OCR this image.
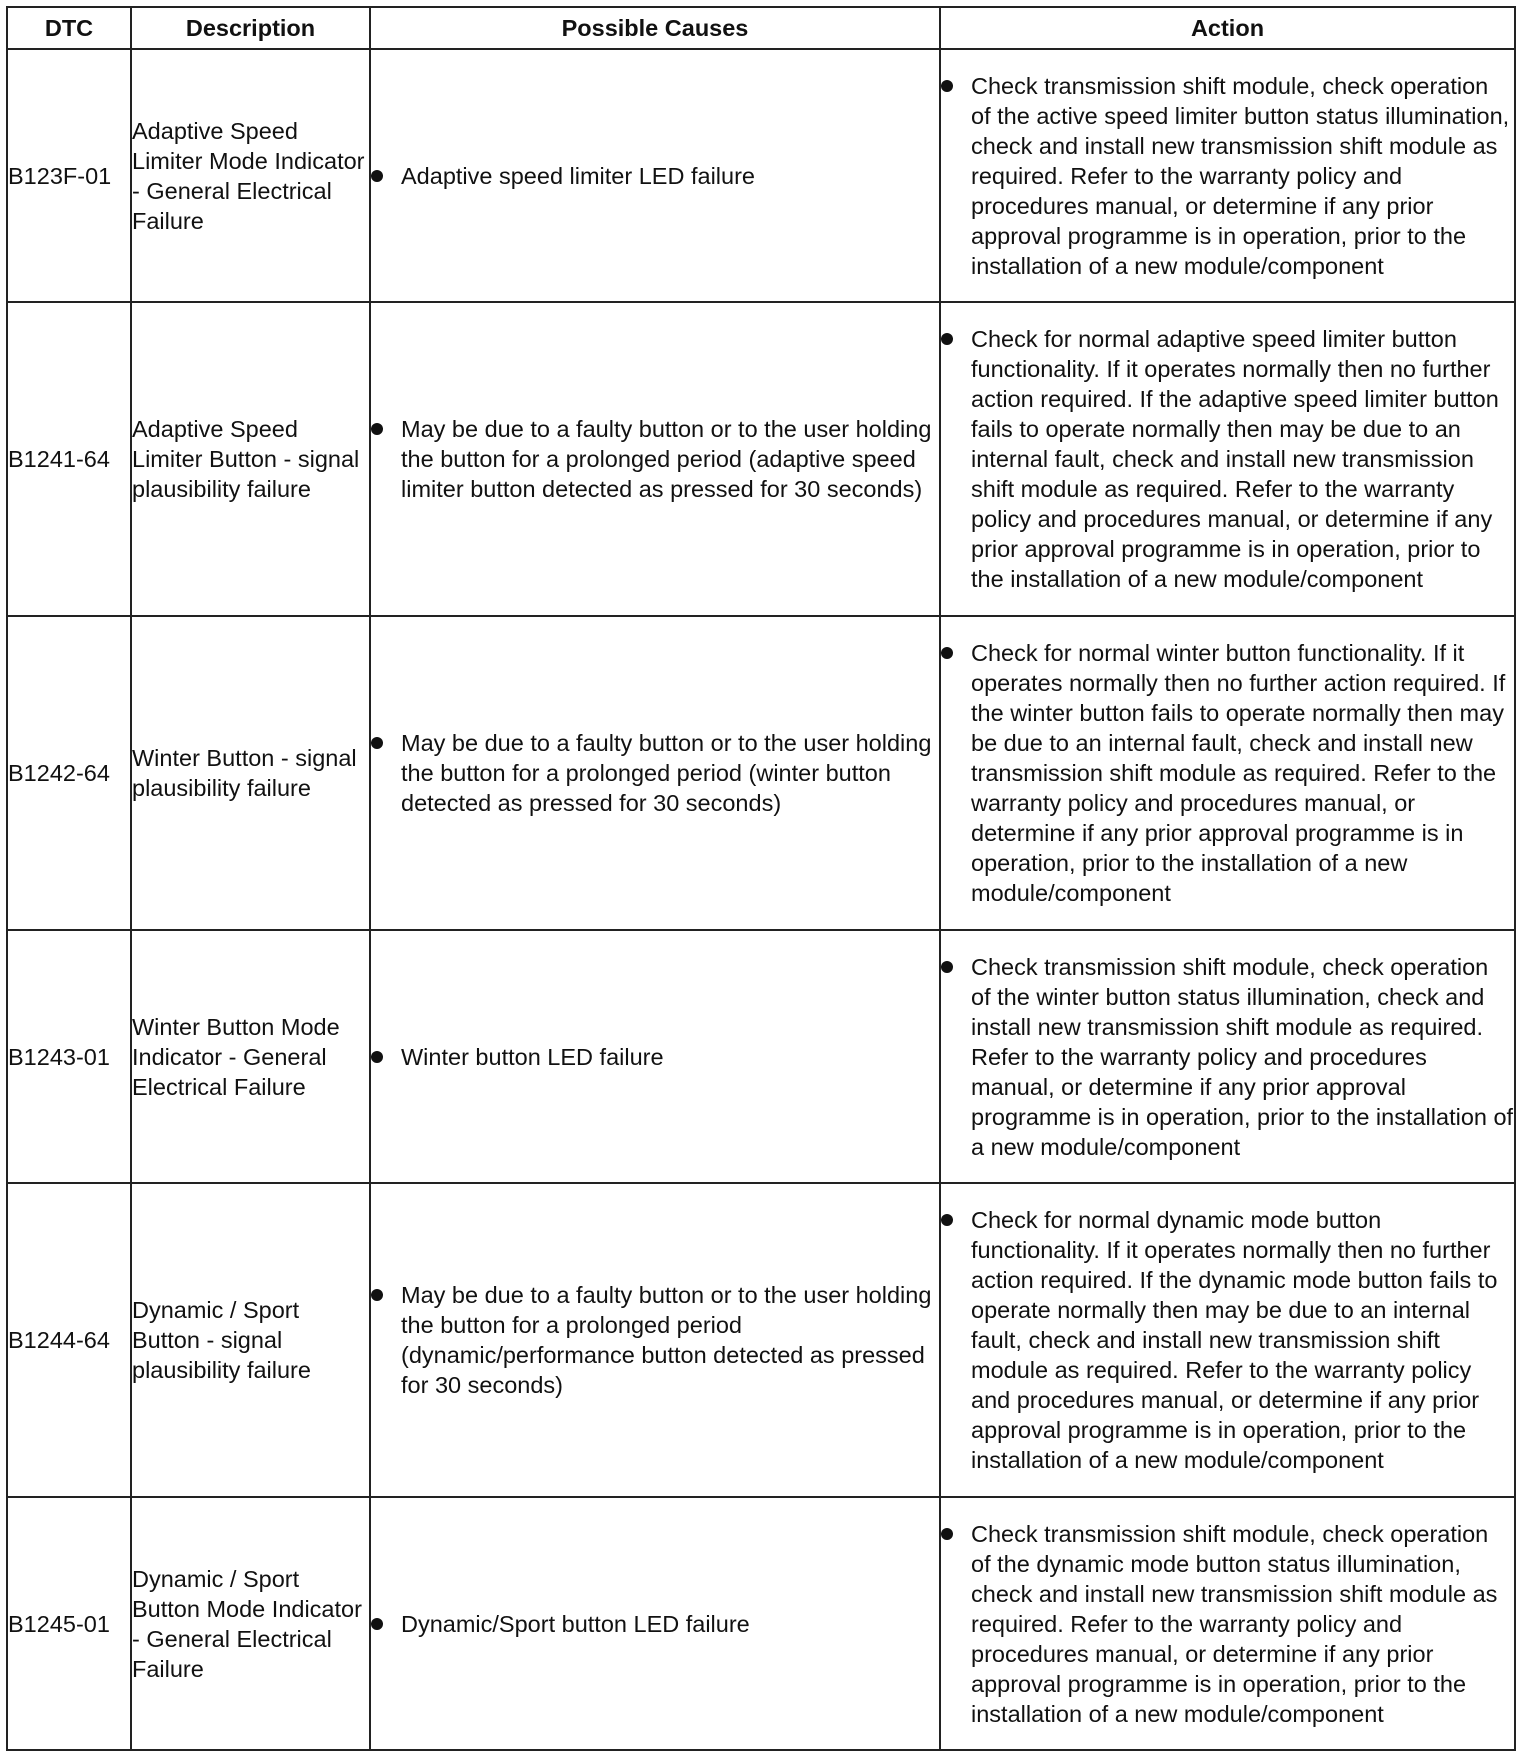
DTC	Description	Possible Causes	Action
B123F-01	Adaptive Speed Limiter Mode Indicator - General Electrical Failure	Adaptive speed limiter LED failure	Check transmission shift module, check operation of the active speed limiter button status illumination, check and install new transmission shift module as required. Refer to the warranty policy and procedures manual, or determine if any prior approval programme is in operation, prior to the installation of a new module/component

B1241-64	Adaptive Speed Limiter Button - signal plausibility failure	May be due to a faulty button or to the user holding the button for a prolonged period (adaptive speed limiter button detected as pressed for 30 seconds)	Check for normal adaptive speed limiter button functionality. If it operates normally then no further action required. If the adaptive speed limiter button fails to operate normally then may be due to an internal fault, check and install new transmission shift module as required. Refer to the warranty policy and procedures manual, or determine if any prior approval programme is in operation, prior to the installation of a new module/component

B1242-64	Winter Button - signal plausibility failure	May be due to a faulty button or to the user holding the button for a prolonged period (winter button detected as pressed for 30 seconds)	Check for normal winter button functionality. If it operates normally then no further action required. If the winter button fails to operate normally then may be due to an internal fault, check and install new transmission shift module as required. Refer to the warranty policy and procedures manual, or determine if any prior approval programme is in operation, prior to the installation of a new module/component

B1243-01	Winter Button Mode Indicator - General Electrical Failure	Winter button LED failure	Check transmission shift module, check operation of the winter button status illumination, check and install new transmission shift module as required. Refer to the warranty policy and procedures manual, or determine if any prior approval programme is in operation, prior to the installation of a new module/component

B1244-64	Dynamic / Sport Button - signal plausibility failure	May be due to a faulty button or to the user holding the button for a prolonged period (dynamic/performance button detected as pressed for 30 seconds)	Check for normal dynamic mode button functionality. If it operates normally then no further action required. If the dynamic mode button fails to operate normally then may be due to an internal fault, check and install new transmission shift module as required. Refer to the warranty policy and procedures manual, or determine if any prior approval programme is in operation, prior to the installation of a new module/component

B1245-01	Dynamic / Sport Button Mode Indicator - General Electrical Failure	Dynamic/Sport button LED failure	Check transmission shift module, check operation of the dynamic mode button status illumination, check and install new transmission shift module as required. Refer to the warranty policy and procedures manual, or determine if any prior approval programme is in operation, prior to the installation of a new module/component
